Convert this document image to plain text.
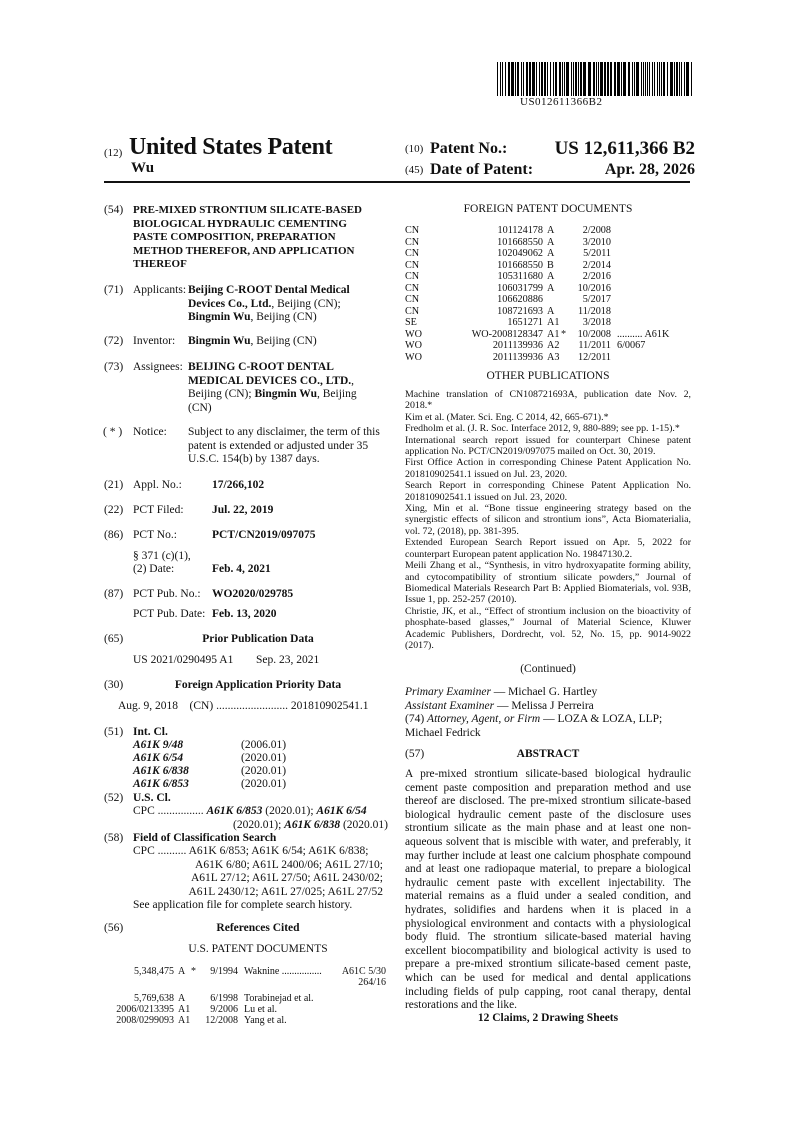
US012611366B2
(12) United States Patent
Wu
(10) Patent No.: US 12,611,366 B2
(45) Date of Patent:	Apr. 28, 2026
(54) PRE-MIXED STRONTIUM SILICATE-BASED
BIOLOGICAL HYDRAULIC CEMENTING
PASTE COMPOSITION, PREPARATION
METHOD THEREFOR, AND APPLICATION
THEREOF
(71) Applicants: Beijing C-ROOT Dental Medical
Devices Co., Ltd., Beijing (CN);
Bingmin Wu, Beijing (CN)
(72) Inventor: Bingmin Wu, Beijing (CN)
(73) Assignees: BEIJING C-ROOT DENTAL
MEDICAL DEVICES CO., LTD.,
Beijing (CN); Bingmin Wu, Beijing
(CN)
( * ) Notice: Subject to any disclaimer, the term of this
patent is extended or adjusted under 35
U.S.C. 154(b) by 1387 days.
(21) Appl. No.:	17/266,102
(22) PCT Filed: Jul. 22, 2019
(86) PCT No.:	PCT/CN2019/097075
§ 371 (c)(1),
(2) Date:	Feb. 4, 2021
(87) PCT Pub. No.: WO2020/029785
PCT Pub. Date: Feb. 13, 2020
(65)	Prior Publication Data
US 2021/0290495 A1 Sep. 23, 2021
(30)	Foreign Application Priority Data
Aug. 9, 2018    (CN) ......................... 201810902541.1
(51) Int. Cl.
A61K 9/48	(2006.01)
A61K 6/54	(2020.01)
A61K 6/838	(2020.01)
A61K 6/853	(2020.01)
(52) U.S. Cl.
CPC ................ A61K 6/853 (2020.01); A61K 6/54
(2020.01); A61K 6/838 (2020.01)
(58) Field of Classification Search
CPC .......... A61K 6/853; A61K 6/54; A61K 6/838;
A61K 6/80; A61L 2400/06; A61L 27/10;
A61L 27/12; A61L 27/50; A61L 2430/02;
A61L 2430/12; A61L 27/025; A61L 27/52
See application file for complete search history.
(56)	References Cited
U.S. PATENT DOCUMENTS
5,348,475 A *	9/1994 Waknine ................ A61C 5/30
264/16
5,769,638 A	6/1998 Torabinejad et al.
2006/0213395 A1	9/2006 Lu et al.
2008/0299093 A1	12/2008 Yang et al.
FOREIGN PATENT DOCUMENTS
CN	101124178 A	2/2008
CN	101668550 A	3/2010
CN	102049062 A	5/2011
CN	101668550 B	2/2014
CN	105311680 A	2/2016
CN	106031799 A	10/2016
CN	106620886	5/2017
CN	108721693 A	11/2018
SE	1651271 A1	3/2018
WO	WO-2008128347 A1 *	10/2008 .......... A61K 6/0067
WO	2011139936 A2	11/2011
WO	2011139936 A3	12/2011
OTHER PUBLICATIONS

Machine translation of CN108721693A, publication date Nov. 2, 2018.*

Kim et al. (Mater. Sci. Eng. C 2014, 42, 665-671).*

Fredholm et al. (J. R. Soc. Interface 2012, 9, 880-889; see pp. 1-15).*

International search report issued for counterpart Chinese patent application No. PCT/CN2019/097075 mailed on Oct. 30, 2019.

First Office Action in corresponding Chinese Patent Application No. 201810902541.1 issued on Jul. 23, 2020.

Search Report in corresponding Chinese Patent Application No. 201810902541.1 issued on Jul. 23, 2020.

Xing, Min et al. “Bone tissue engineering strategy based on the synergistic effects of silicon and strontium ions”, Acta Biomaterialia, vol. 72, (2018), pp. 381-395.

Extended European Search Report issued on Apr. 5, 2022 for counterpart European patent application No. 19847130.2.

Meili Zhang et al., “Synthesis, in vitro hydroxyapatite forming ability, and cytocompatibility of strontium silicate powders,” Journal of Biomedical Materials Research Part B: Applied Biomaterials, vol. 93B, Issue 1, pp. 252-257 (2010).

Christie, JK, et al., “Effect of strontium inclusion on the bioactivity of phosphate-based glasses,” Journal of Material Science, Kluwer Academic Publishers, Dordrecht, vol. 52, No. 15, pp. 9014-9022 (2017).

(Continued)
Primary Examiner — Michael G. Hartley
Assistant Examiner — Melissa J Perreira
(74) Attorney, Agent, or Firm — LOZA & LOZA, LLP;
Michael Fedrick
(57)	ABSTRACT
A pre-mixed strontium silicate-based biological hydraulic cement paste composition and preparation method and use thereof are disclosed. The pre-mixed strontium silicate-based biological hydraulic cement paste of the disclosure uses strontium silicate as the main phase and at least one non-aqueous solvent that is miscible with water, and preferably, it may further include at least one calcium phosphate compound and at least one radiopaque material, to prepare a biological hydraulic cement paste with excellent injectability. The material remains as a fluid under a sealed condition, and hydrates, solidifies and hardens when it is placed in a physiological environment and contacts with a physiological body fluid. The strontium silicate-based material having excellent biocompatibility and biological activity is used to prepare a pre-mixed strontium silicate-based cement paste, which can be used for medical and dental applications including fields of pulp capping, root canal therapy, dental restorations and the like.
12 Claims, 2 Drawing Sheets
